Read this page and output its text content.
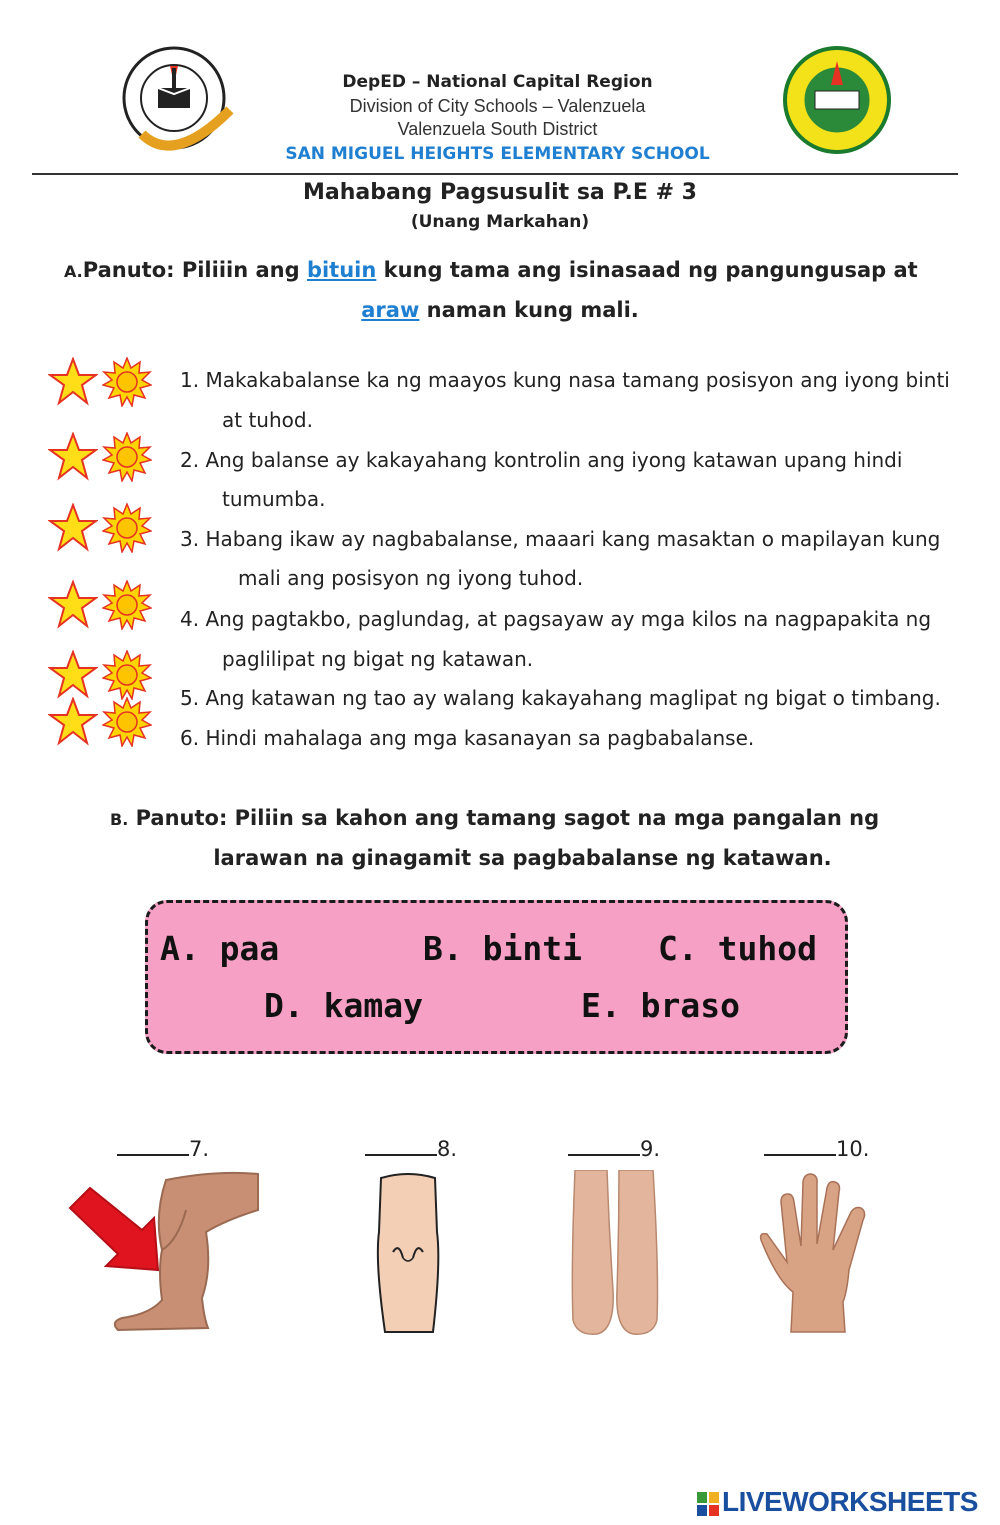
DepED – National Capital Region
Division of City Schools – Valenzuela
Valenzuela South District
SAN MIGUEL HEIGHTS ELEMENTARY SCHOOL
Mahabang Pagsusulit sa P.E # 3
(Unang Markahan)
A.Panuto: Piliiin ang bituin kung tama ang isinasaad ng pangungusap at
araw naman kung mali.
1. Makakabalanse ka ng maayos kung nasa tamang posisyon ang iyong binti
at tuhod.
2. Ang balanse ay kakayahang kontrolin ang iyong katawan upang hindi
tumumba.
3. Habang ikaw ay nagbabalanse, maaari kang masaktan o mapilayan kung
mali ang posisyon ng iyong tuhod.
4. Ang pagtakbo, paglundag, at pagsayaw ay mga kilos na nagpapakita ng
paglilipat ng bigat ng katawan.
5. Ang katawan ng tao ay walang kakayahang maglipat ng bigat o timbang.
6. Hindi mahalaga ang mga kasanayan sa pagbabalanse.
B. Panuto: Piliin sa kahon ang tamang sagot na mga pangalan ng
larawan na ginagamit sa pagbabalanse ng katawan.
A. paa	B. binti C. tuhod
D. kamay	E. braso
7.	8.	9.	10.
LIVEWORKSHEETS
